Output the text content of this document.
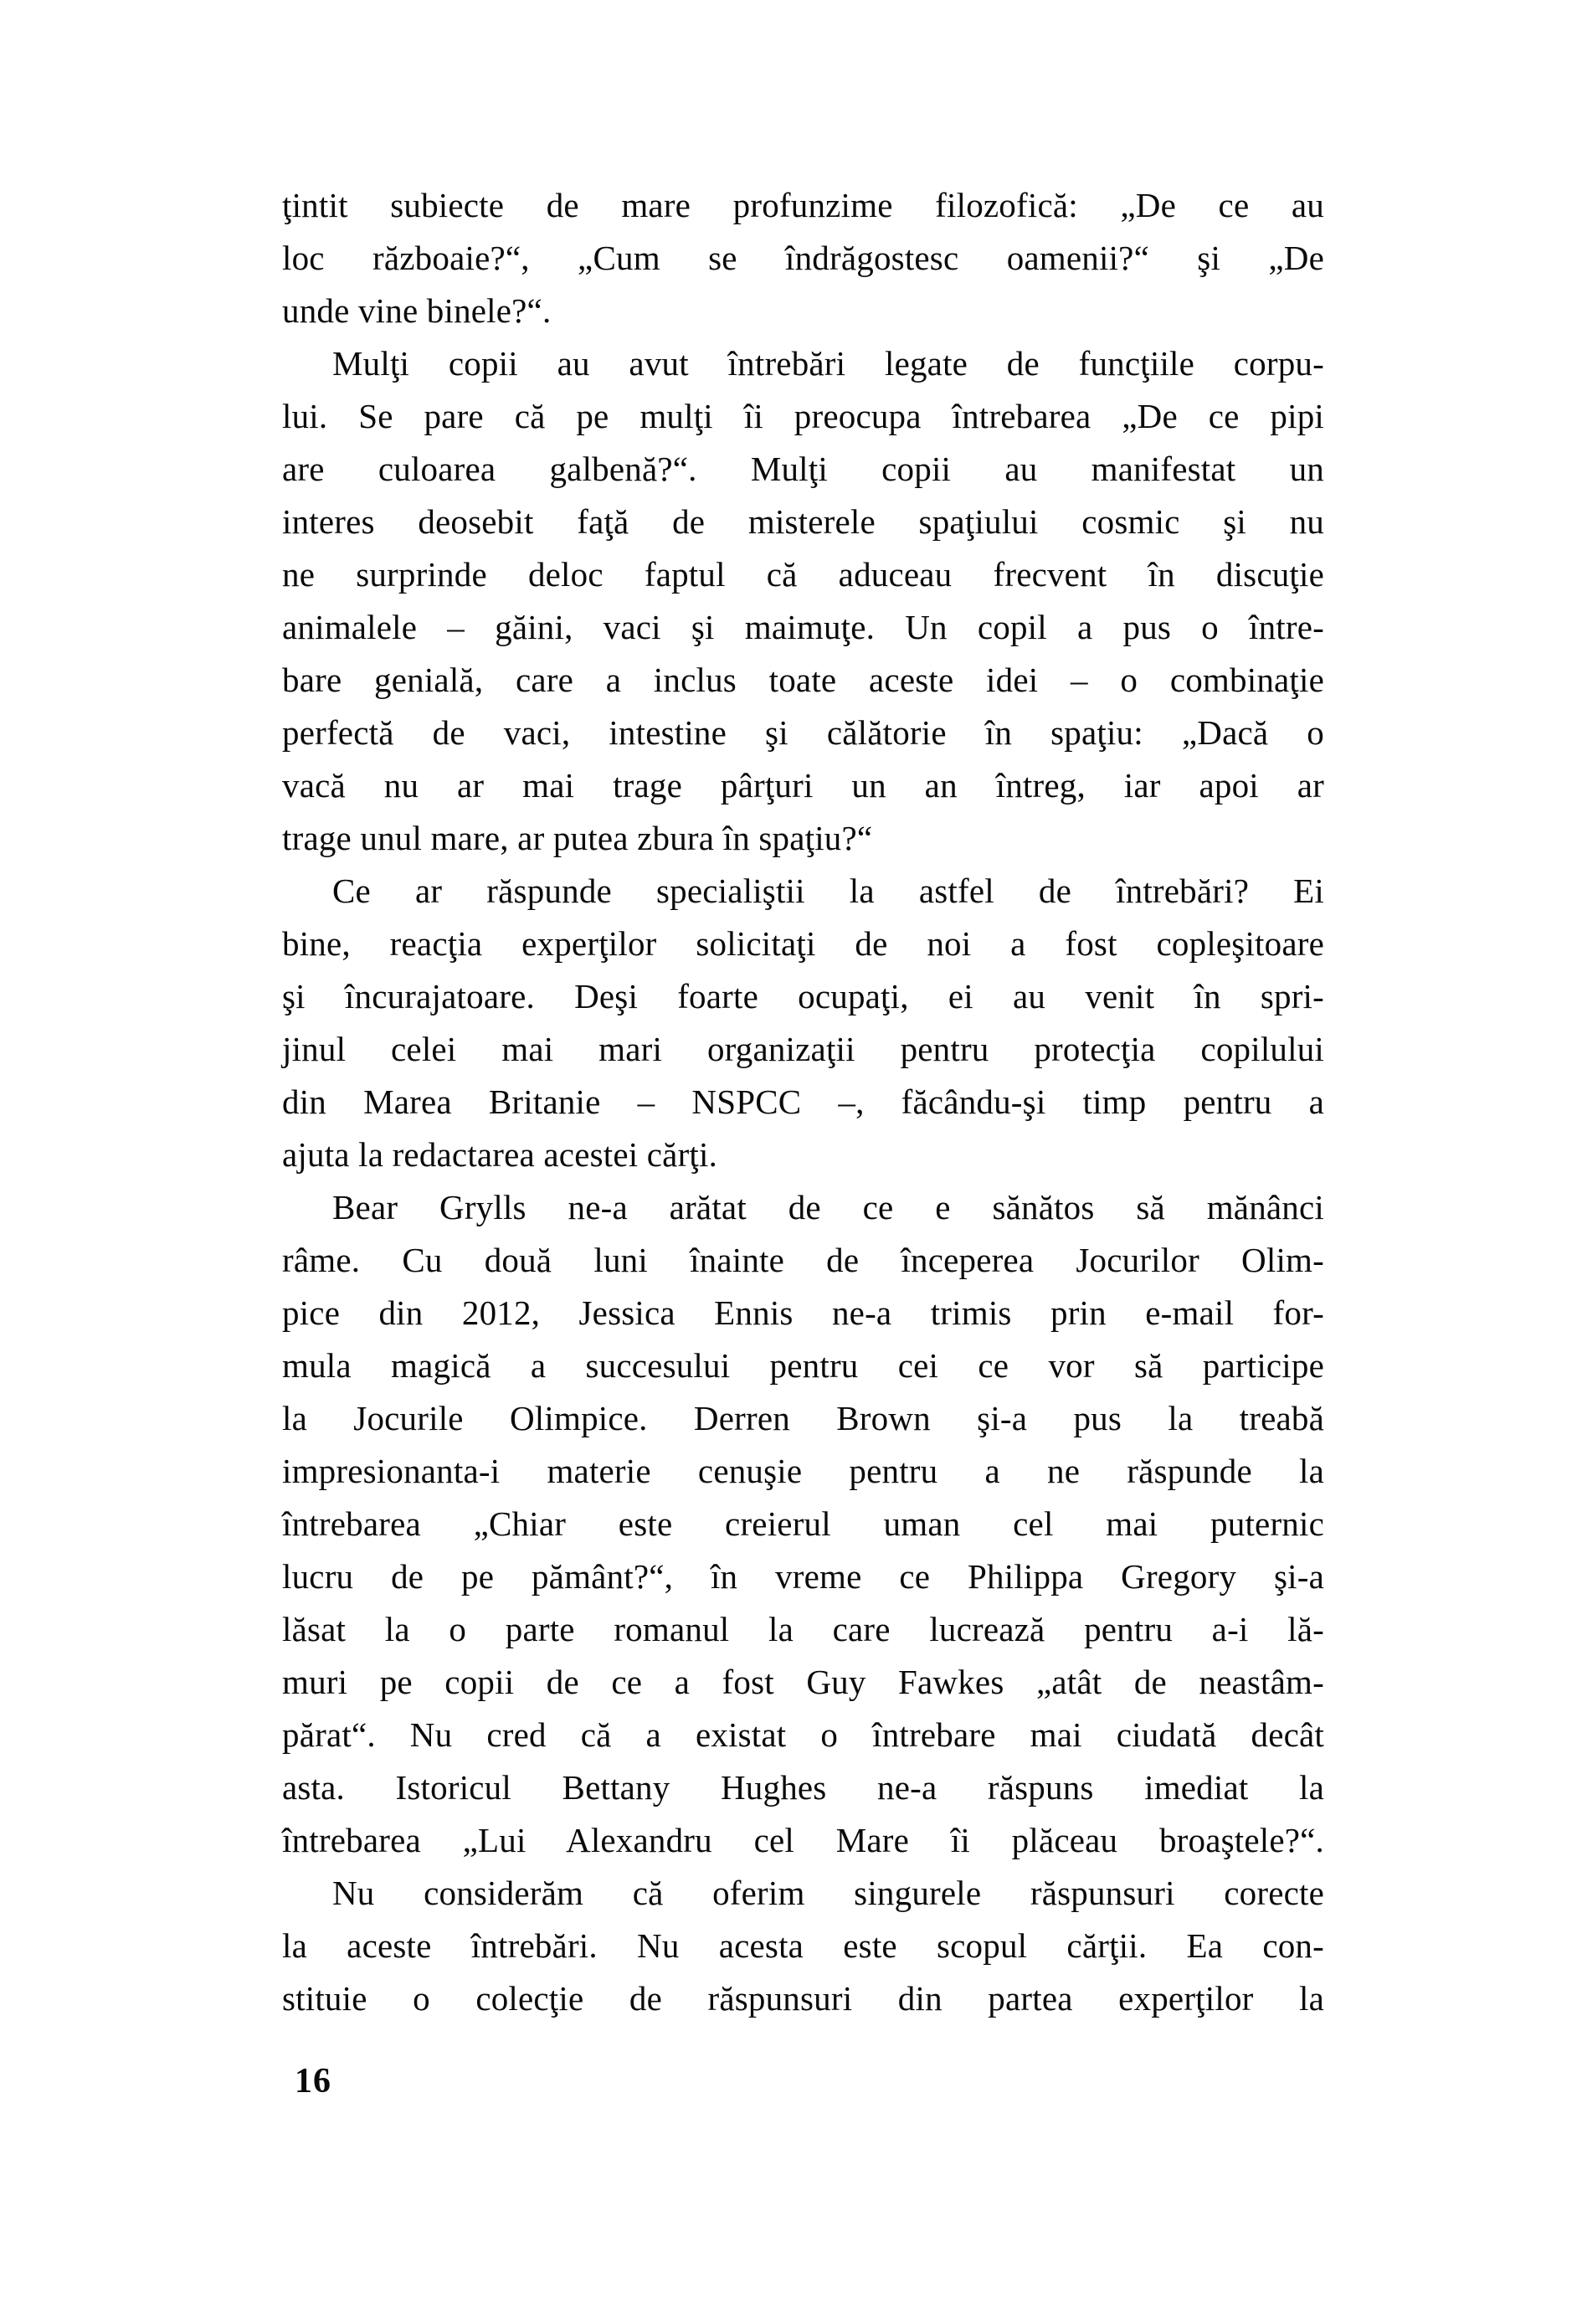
ţintit subiecte de mare profunzime filozofică: „De ce au
loc războaie?“, „Cum se îndrăgostesc oamenii?“ şi „De
unde vine binele?“.
Mulţi copii au avut întrebări legate de funcţiile corpu-
lui. Se pare că pe mulţi îi preocupa întrebarea „De ce pipi
are culoarea galbenă?“. Mulţi copii au manifestat un
interes deosebit faţă de misterele spaţiului cosmic şi nu
ne surprinde deloc faptul că aduceau frecvent în discuţie
animalele – găini, vaci şi maimuţe. Un copil a pus o între-
bare genială, care a inclus toate aceste idei – o combinaţie
perfectă de vaci, intestine şi călătorie în spaţiu: „Dacă o
vacă nu ar mai trage pârţuri un an întreg, iar apoi ar
trage unul mare, ar putea zbura în spaţiu?“
Ce ar răspunde specialiştii la astfel de întrebări? Ei
bine, reacţia experţilor solicitaţi de noi a fost copleşitoare
şi încurajatoare. Deşi foarte ocupaţi, ei au venit în spri-
jinul celei mai mari organizaţii pentru protecţia copilului
din Marea Britanie – NSPCC –, făcându-şi timp pentru a
ajuta la redactarea acestei cărţi.
Bear Grylls ne-a arătat de ce e sănătos să mănânci
râme. Cu două luni înainte de începerea Jocurilor Olim-
pice din 2012, Jessica Ennis ne-a trimis prin e-mail for-
mula magică a succesului pentru cei ce vor să participe
la Jocurile Olimpice. Derren Brown şi-a pus la treabă
impresionanta-i materie cenuşie pentru a ne răspunde la
întrebarea „Chiar este creierul uman cel mai puternic
lucru de pe pământ?“, în vreme ce Philippa Gregory şi-a
lăsat la o parte romanul la care lucrează pentru a-i lă-
muri pe copii de ce a fost Guy Fawkes „atât de neastâm-
părat“. Nu cred că a existat o întrebare mai ciudată decât
asta. Istoricul Bettany Hughes ne-a răspuns imediat la
întrebarea „Lui Alexandru cel Mare îi plăceau broaştele?“.
Nu considerăm că oferim singurele răspunsuri corecte
la aceste întrebări. Nu acesta este scopul cărţii. Ea con-
stituie o colecţie de răspunsuri din partea experţilor la
16
